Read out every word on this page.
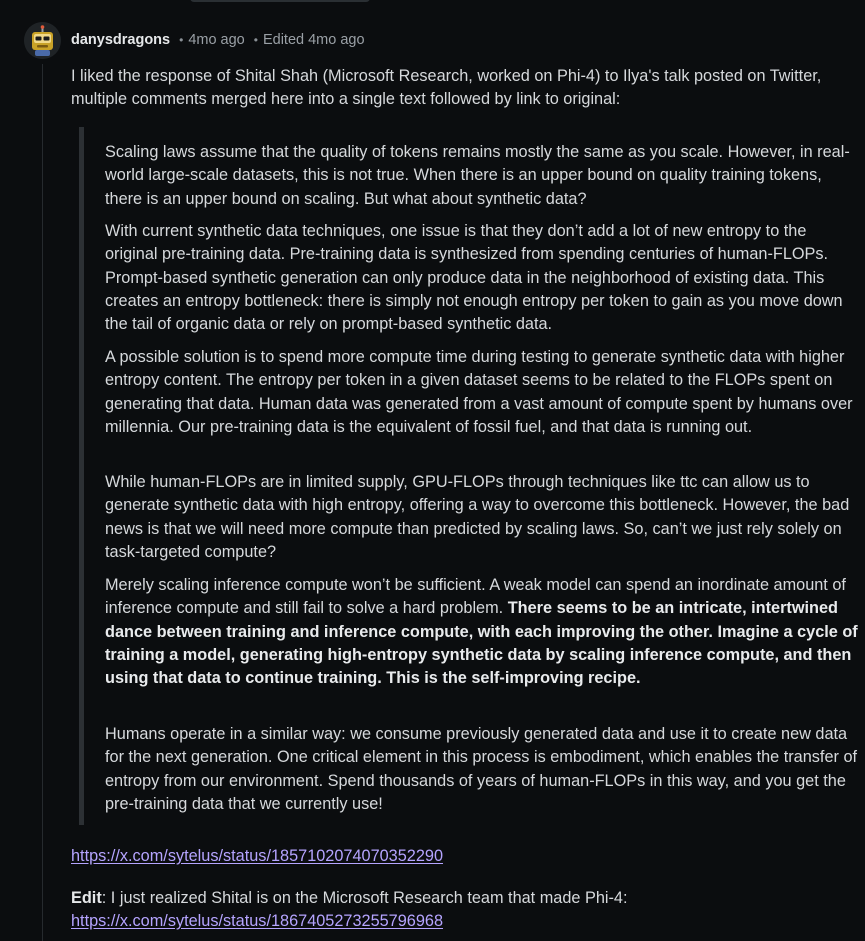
danysdragons • 4mo ago • Edited 4mo ago

I liked the response of Shital Shah (Microsoft Research, worked on Phi-4) to Ilya's talk posted on Twitter, multiple comments merged here into a single text followed by link to original:

Scaling laws assume that the quality of tokens remains mostly the same as you scale. However, in real-world large-scale datasets, this is not true. When there is an upper bound on quality training tokens, there is an upper bound on scaling. But what about synthetic data?

With current synthetic data techniques, one issue is that they don’t add a lot of new entropy to the original pre-training data. Pre-training data is synthesized from spending centuries of human-FLOPs. Prompt-based synthetic generation can only produce data in the neighborhood of existing data. This creates an entropy bottleneck: there is simply not enough entropy per token to gain as you move down the tail of organic data or rely on prompt-based synthetic data.

A possible solution is to spend more compute time during testing to generate synthetic data with higher entropy content. The entropy per token in a given dataset seems to be related to the FLOPs spent on generating that data. Human data was generated from a vast amount of compute spent by humans over millennia. Our pre-training data is the equivalent of fossil fuel, and that data is running out.

While human-FLOPs are in limited supply, GPU-FLOPs through techniques like ttc can allow us to generate synthetic data with high entropy, offering a way to overcome this bottleneck. However, the bad news is that we will need more compute than predicted by scaling laws. So, can’t we just rely solely on task-targeted compute?

Merely scaling inference compute won’t be sufficient. A weak model can spend an inordinate amount of inference compute and still fail to solve a hard problem. There seems to be an intricate, intertwined dance between training and inference compute, with each improving the other. Imagine a cycle of training a model, generating high-entropy synthetic data by scaling inference compute, and then using that data to continue training. This is the self-improving recipe.

Humans operate in a similar way: we consume previously generated data and use it to create new data for the next generation. One critical element in this process is embodiment, which enables the transfer of entropy from our environment. Spend thousands of years of human-FLOPs in this way, and you get the pre-training data that we currently use!

https://x.com/sytelus/status/1857102074070352290

Edit: I just realized Shital is on the Microsoft Research team that made Phi-4:

https://x.com/sytelus/status/1867405273255796968
